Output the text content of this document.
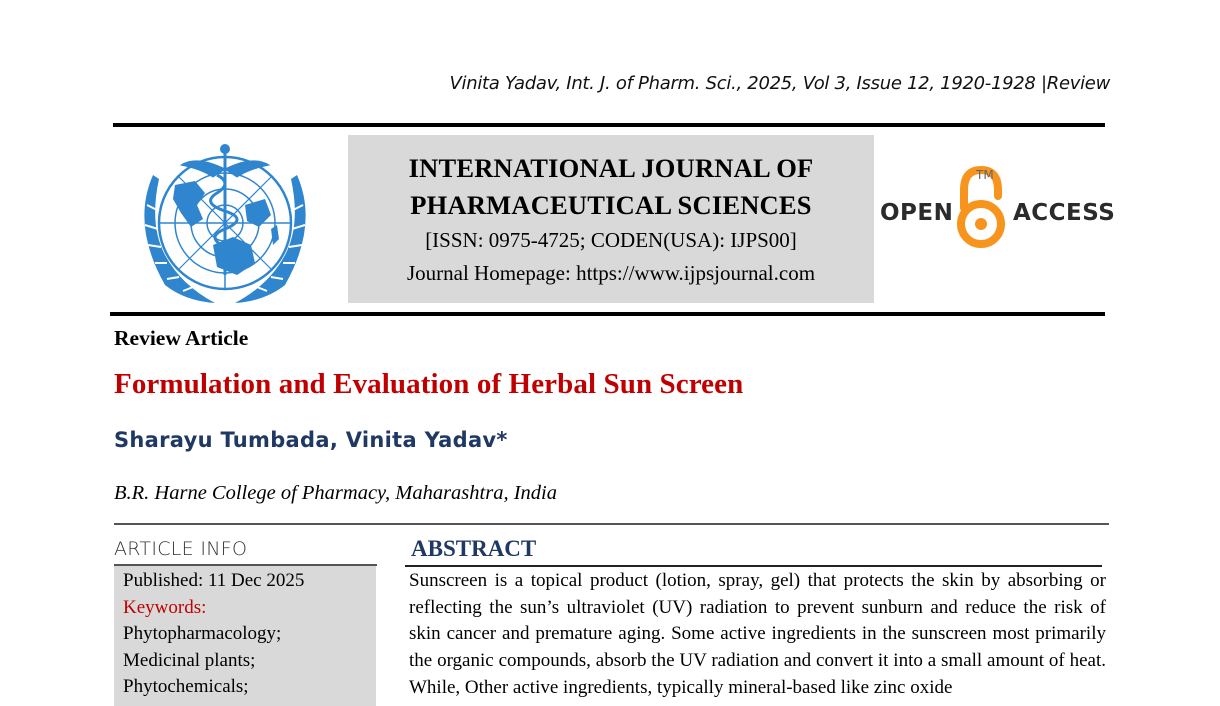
Vinita Yadav, Int. J. of Pharm. Sci., 2025, Vol 3, Issue 12, 1920-1928 |Review
INTERNATIONAL JOURNAL OF
PHARMACEUTICAL SCIENCES
[ISSN: 0975-4725; CODEN(USA): IJPS00]
Journal Homepage: https://www.ijpsjournal.com
OPEN
TM
ACCESS
Review Article
Formulation and Evaluation of Herbal Sun Screen
Sharayu Tumbada, Vinita Yadav*
B.R. Harne College of Pharmacy, Maharashtra, India
ARTICLE INFO
Published: 11 Dec 2025
Keywords:
Phytopharmacology;
Medicinal plants;
Phytochemicals;
ABSTRACT
Sunscreen is a topical product (lotion, spray, gel) that protects the skin by absorbing or reflecting the sun’s ultraviolet (UV) radiation to prevent sunburn and reduce the risk of skin cancer and premature aging. Some active ingredients in the sunscreen most primarily the organic compounds, absorb the UV radiation and convert it into a small amount of heat. While, Other active ingredients, typically mineral-based like zinc oxide
